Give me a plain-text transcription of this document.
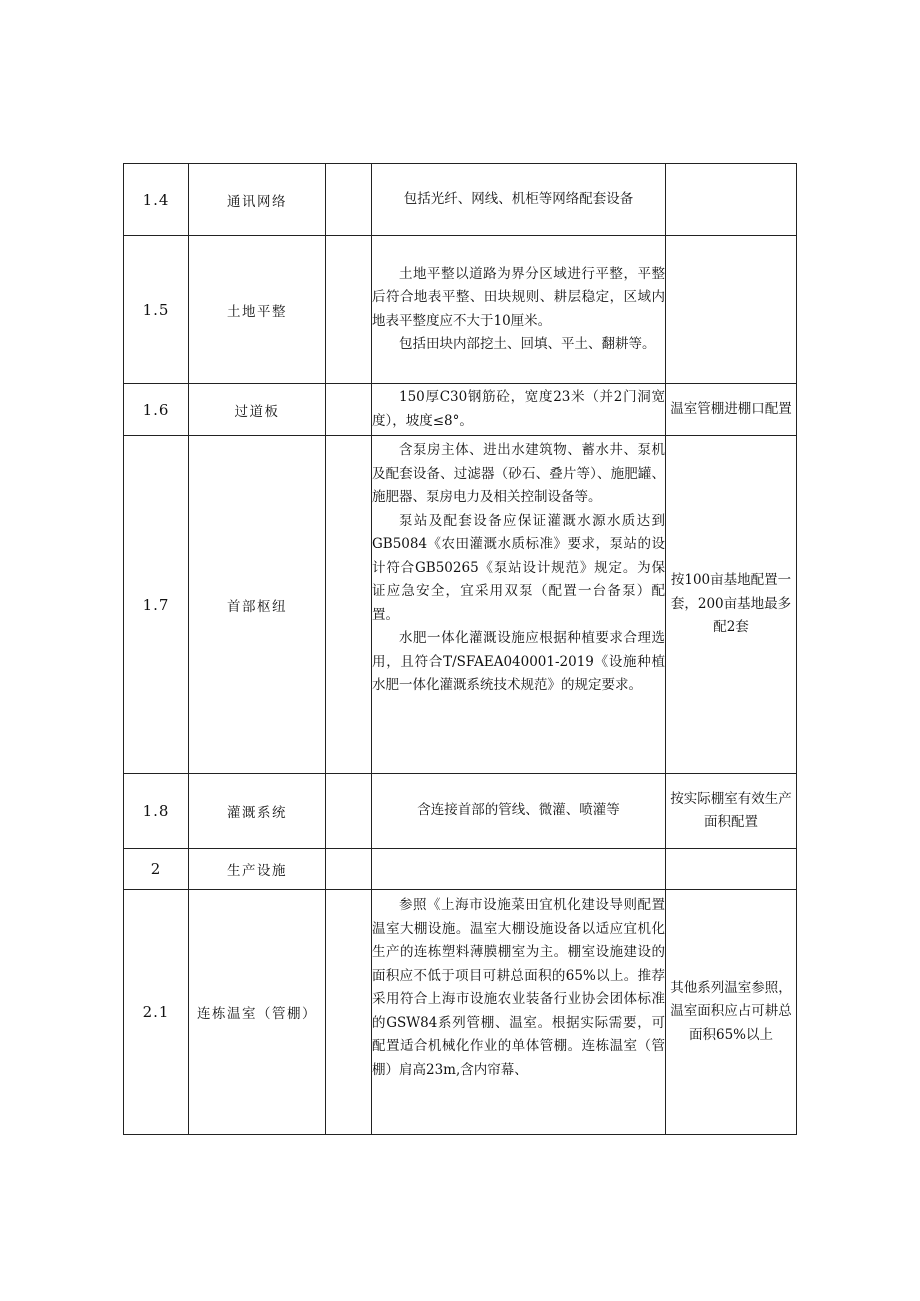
1.4	通讯网络		包括光纤、网线、机柜等网络配套设备	
1.5	土地平整		土地平整以道路为界分区域进行平整，平整后符合地表平整、田块规则、耕层稳定，区域内地表平整度应不大于10厘米。

包括田块内部挖土、回填、平土、翻耕等。	

1.6	过道板		150厚C30钢筋砼，宽度23米（并2门洞宽度），坡度≤8°。	温室管棚进棚口配置
1.7	首部枢纽		含泵房主体、进出水建筑物、蓄水井、泵机及配套设备、过滤器（砂石、叠片等）、施肥罐、施肥器、泵房电力及相关控制设备等。

泵站及配套设备应保证灌溉水源水质达到GB5084《农田灌溉水质标准》要求，泵站的设计符合GB50265《泵站设计规范》规定。为保证应急安全，宜采用双泵（配置一台备泵）配置。

水肥一体化灌溉设施应根据种植要求合理选用，且符合T/SFAEA040001-2019《设施种植水肥一体化灌溉系统技术规范》的规定要求。	按100亩基地配置一套，200亩基地最多配2套
1.8	灌溉系统		含连接首部的管线、微灌、喷灌等	按实际棚室有效生产面积配置
2	生产设施			
2.1	连栋温室（管棚）		参照《上海市设施菜田宜机化建设导则配置温室大棚设施。温室大棚设施设备以适应宜机化生产的连栋塑料薄膜棚室为主。棚室设施建设的面积应不低于项目可耕总面积的65%以上。推荐采用符合上海市设施农业装备行业协会团体标准的GSW84系列管棚、温室。根据实际需要，可配置适合机械化作业的单体管棚。连栋温室（管棚）肩高23m,含内帘幕、	其他系列温室参照，温室面积应占可耕总面积65%以上
